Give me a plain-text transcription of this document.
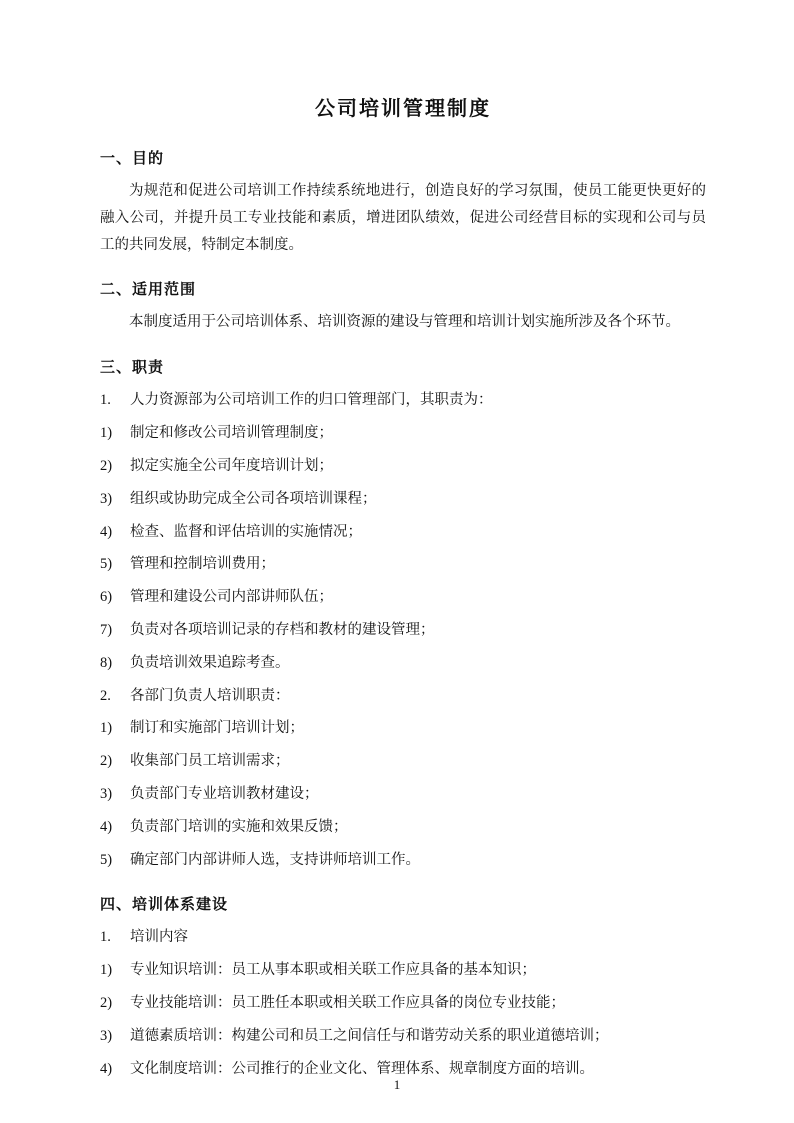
公司培训管理制度
一、目的

为规范和促进公司培训工作持续系统地进行，创造良好的学习氛围，使员工能更快更好的融入公司，并提升员工专业技能和素质，增进团队绩效，促进公司经营目标的实现和公司与员工的共同发展，特制定本制度。

二、适用范围

本制度适用于公司培训体系、培训资源的建设与管理和培训计划实施所涉及各个环节。

三、职责
1.	人力资源部为公司培训工作的归口管理部门，其职责为：
1)	制定和修改公司培训管理制度；
2)	拟定实施全公司年度培训计划；
3)	组织或协助完成全公司各项培训课程；
4)	检查、监督和评估培训的实施情况；
5)	管理和控制培训费用；
6)	管理和建设公司内部讲师队伍；
7)	负责对各项培训记录的存档和教材的建设管理；
8)	负责培训效果追踪考查。
2.	各部门负责人培训职责：
1)	制订和实施部门培训计划；
2)	收集部门员工培训需求；
3)	负责部门专业培训教材建设；
4)	负责部门培训的实施和效果反馈；
5)	确定部门内部讲师人选，支持讲师培训工作。
四、培训体系建设
1.	培训内容
1)	专业知识培训：员工从事本职或相关联工作应具备的基本知识；
2)	专业技能培训：员工胜任本职或相关联工作应具备的岗位专业技能；
3)	道德素质培训：构建公司和员工之间信任与和谐劳动关系的职业道德培训；
4)	文化制度培训：公司推行的企业文化、管理体系、规章制度方面的培训。
1
